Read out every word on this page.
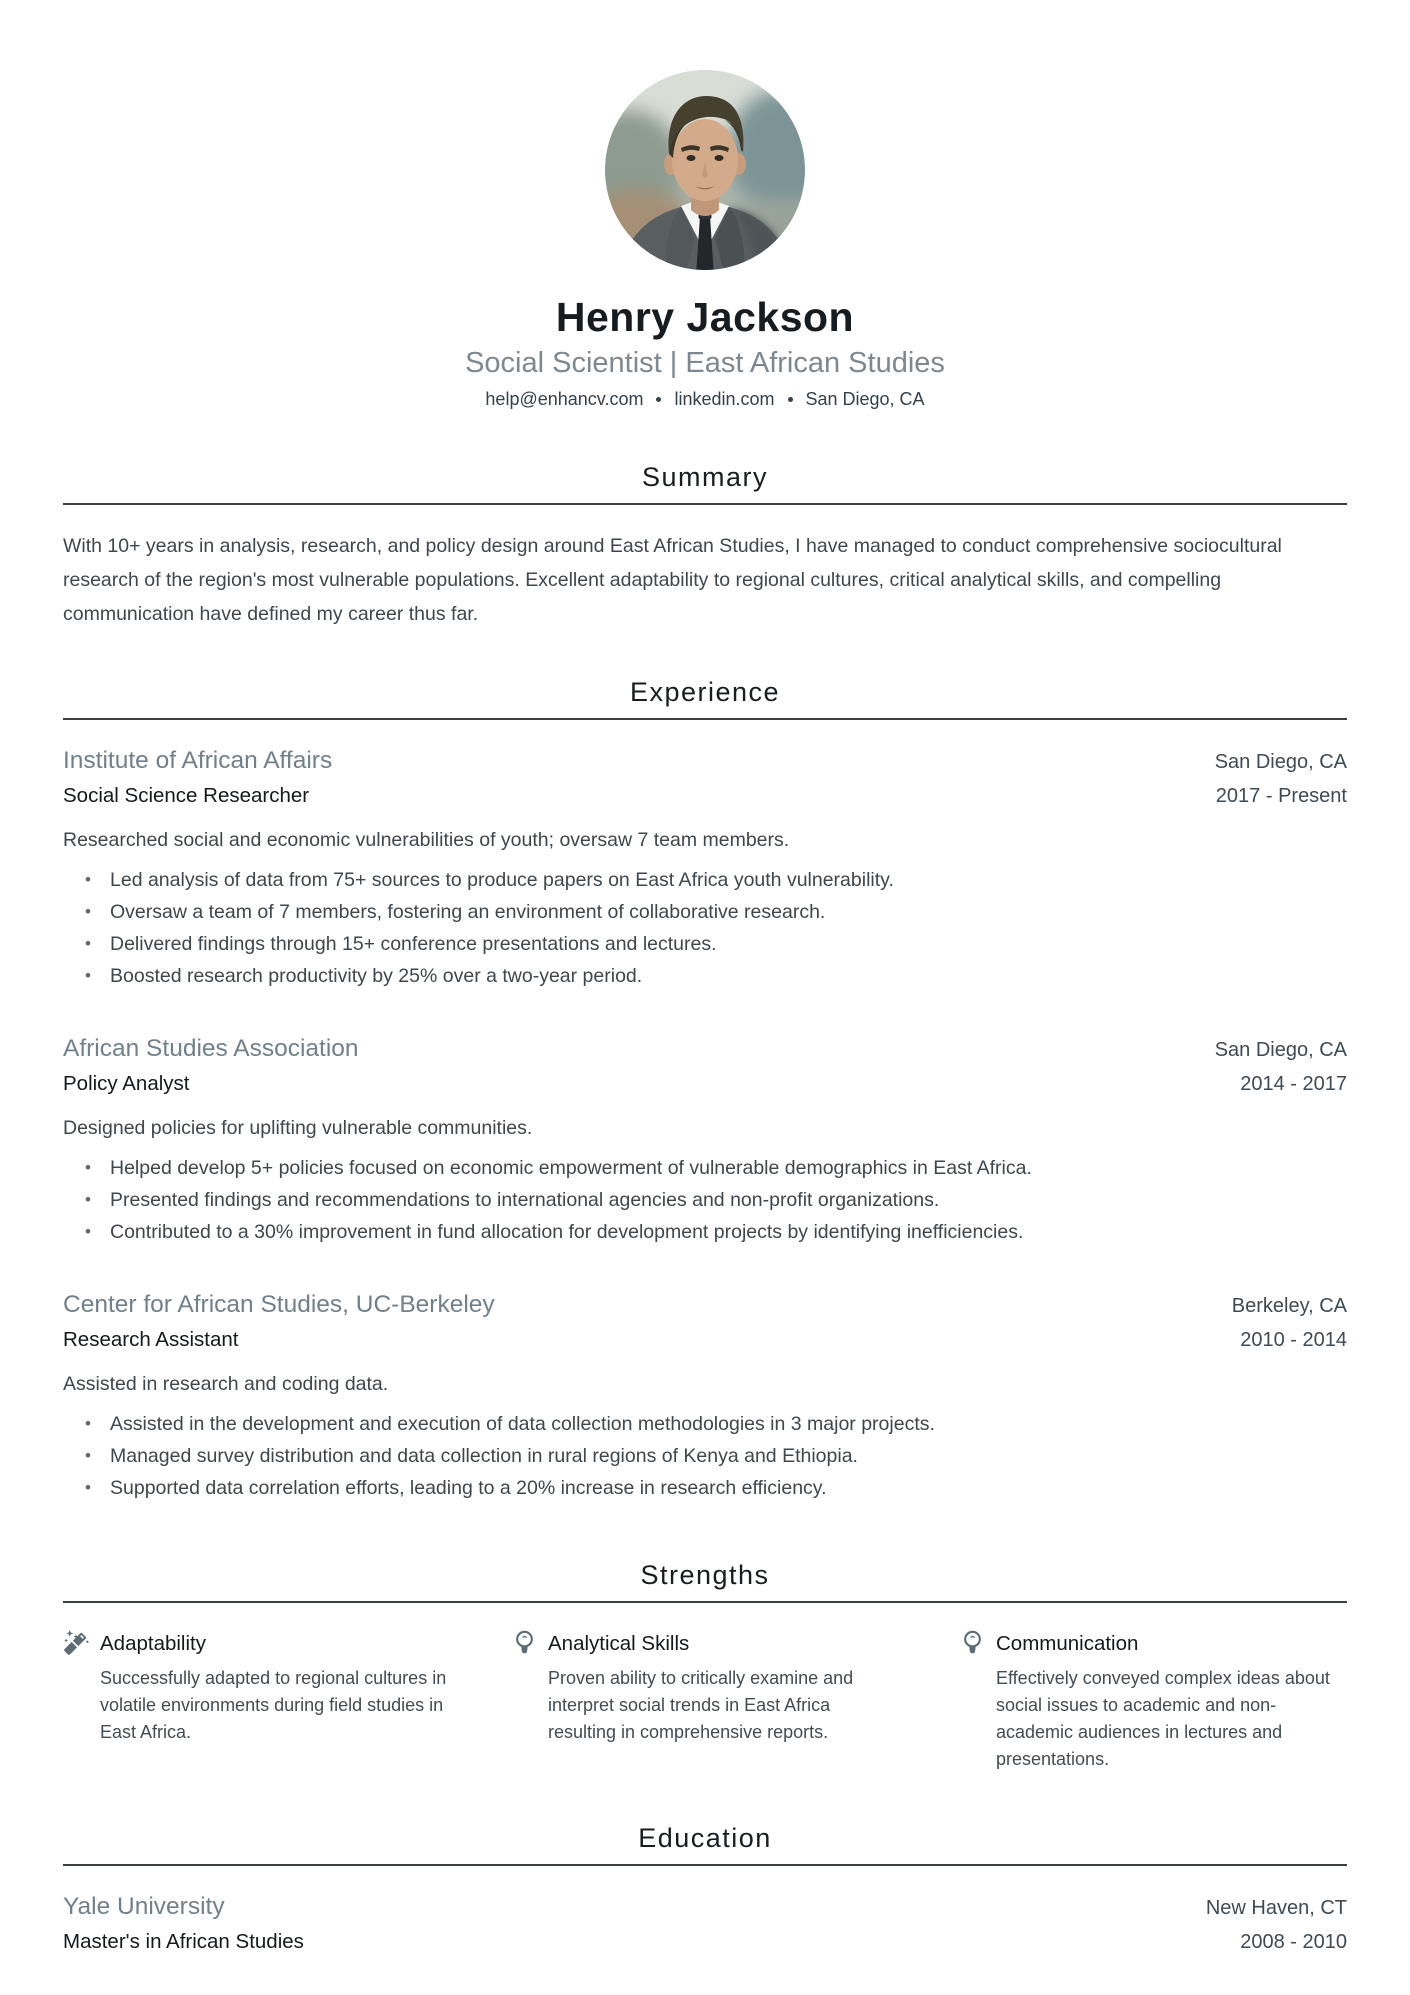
Henry Jackson
Social Scientist | East African Studies
help@enhancv.com linkedin.com San Diego, CA
Summary

With 10+ years in analysis, research, and policy design around East African Studies, I have managed to conduct comprehensive sociocultural research of the region's most vulnerable populations. Excellent adaptability to regional cultures, critical analytical skills, and compelling communication have defined my career thus far.

Experience
Institute of African Affairs	San Diego, CA
Social Science Researcher	2017 - Present

Researched social and economic vulnerabilities of youth; oversaw 7 team members.

• Led analysis of data from 75+ sources to produce papers on East Africa youth vulnerability.
• Oversaw a team of 7 members, fostering an environment of collaborative research.
• Delivered findings through 15+ conference presentations and lectures.
• Boosted research productivity by 25% over a two-year period.
African Studies Association	San Diego, CA
Policy Analyst	2014 - 2017

Designed policies for uplifting vulnerable communities.

• Helped develop 5+ policies focused on economic empowerment of vulnerable demographics in East Africa.
• Presented findings and recommendations to international agencies and non-profit organizations.
• Contributed to a 30% improvement in fund allocation for development projects by identifying inefficiencies.
Center for African Studies, UC-Berkeley	Berkeley, CA
Research Assistant	2010 - 2014

Assisted in research and coding data.

• Assisted in the development and execution of data collection methodologies in 3 major projects.
• Managed survey distribution and data collection in rural regions of Kenya and Ethiopia.
• Supported data correlation efforts, leading to a 20% increase in research efficiency.
Strengths
Adaptability

Successfully adapted to regional cultures in volatile environments during field studies in East Africa.

Analytical Skills

Proven ability to critically examine and interpret social trends in East Africa resulting in comprehensive reports.

Communication

Effectively conveyed complex ideas about social issues to academic and non-academic audiences in lectures and presentations.

Education
Yale University	New Haven, CT
Master's in African Studies	2008 - 2010
